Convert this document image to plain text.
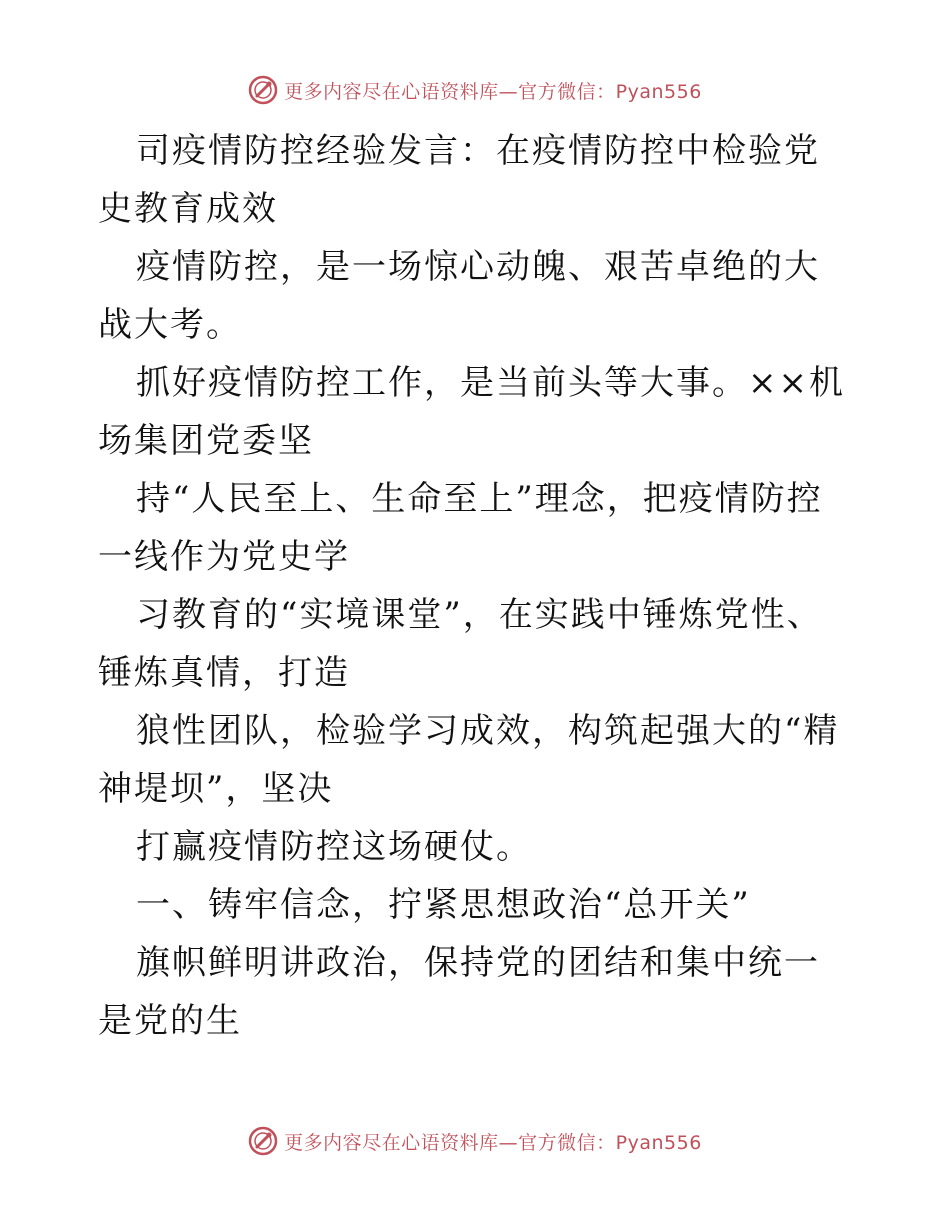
更多内容尽在心语资料库—官方微信：Pyan556

司疫情防控经验发言：在疫情防控中检验党史教育成效

疫情防控，是一场惊心动魄、艰苦卓绝的大战大考。

抓好疫情防控工作，是当前头等大事。××机场集团党委坚

持“人民至上、生命至上”理念，把疫情防控一线作为党史学

习教育的“实境课堂”，在实践中锤炼党性、锤炼真情，打造

狼性团队，检验学习成效，构筑起强大的“精神堤坝”，坚决

打赢疫情防控这场硬仗。

一、铸牢信念，拧紧思想政治“总开关”

旗帜鲜明讲政治，保持党的团结和集中统一是党的生

更多内容尽在心语资料库—官方微信：Pyan556
